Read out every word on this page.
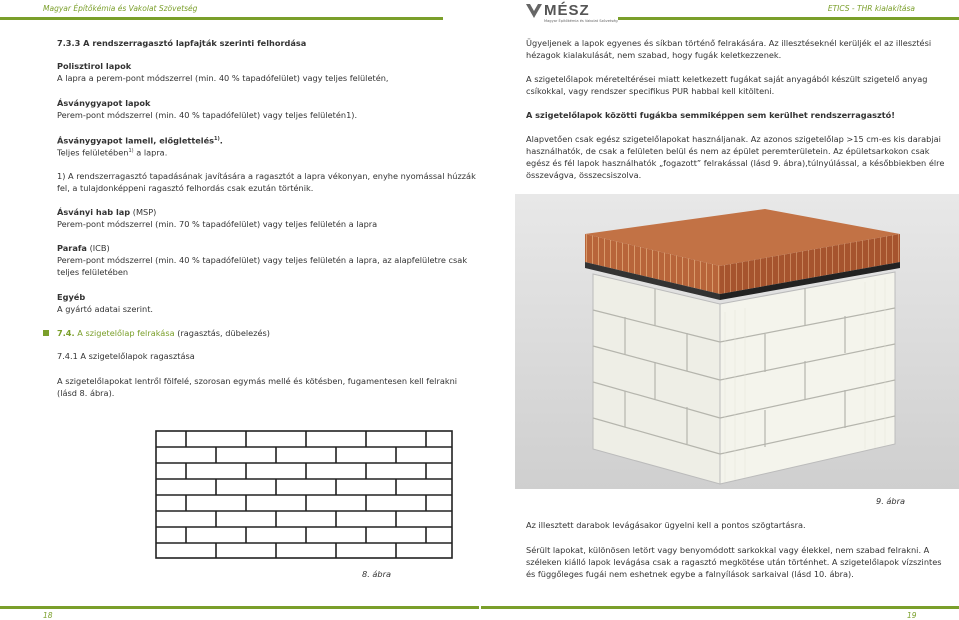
Magyar Építőkémia és Vakolat Szövetség	ETICS - THR kialakítása
MÉSZ
Magyar Építőkémia és Vakolat Szövetség
7.3.3 A rendszerragasztó lapfajták szerinti felhordása
Polisztirol lapok
A lapra a perem-pont módszerrel (min. 40 % tapadófelület) vagy teljes felületén,
Ásványgyapot lapok
Perem-pont módszerrel (min. 40 % tapadófelület) vagy teljes felületén1).
Ásványgyapot lamell, előglettelés$^{1)}$.
Teljes felületében$^{1)}$ a lapra.
1) A rendszerragasztó tapadásának javítására a ragasztót a lapra vékonyan, enyhe nyomással húzzák
fel, a tulajdonképpeni ragasztó felhordás csak ezután történik.
Ásványi hab lap (MSP)
Perem-pont módszerrel (min. 70 % tapadófelület) vagy teljes felületén a lapra
Parafa (ICB)
Perem-pont módszerrel (min. 40 % tapadófelület) vagy teljes felületén a lapra, az alapfelületre csak
teljes felületében
Egyéb
A gyártó adatai szerint.
7.4. A szigetelőlap felrakása (ragasztás, dübelezés)
7.4.1 A szigetelőlapok ragasztása
A szigetelőlapokat lentről fölfelé, szorosan egymás mellé és kötésben, fugamentesen kell felrakni
(lásd 8. ábra).
8. ábra
Ügyeljenek a lapok egyenes és síkban történő felrakására. Az illesztéseknél kerüljék el az illesztési
hézagok kialakulását, nem szabad, hogy fugák keletkezzenek.
A szigetelőlapok méreteltérései miatt keletkezett fugákat saját anyagából készült szigetelő anyag
csíkokkal, vagy rendszer specifikus PUR habbal kell kitölteni.
A szigetelőlapok közötti fugákba semmiképpen sem kerülhet rendszerragasztó!
Alapvetően csak egész szigetelőlapokat használjanak. Az azonos szigetelőlap >15 cm-es kis darabjai
használhatók, de csak a felületen belül és nem az épület peremterületein. Az épületsarkokon csak
egész és fél lapok használhatók „fogazott” felrakással (lásd 9. ábra),túlnyúlással, a későbbiekben élre
összevágva, összecsiszolva.
9. ábra
Az illesztett darabok levágásakor ügyelni kell a pontos szögtartásra.
Sérült lapokat, különösen letört vagy benyomódott sarkokkal vagy élekkel, nem szabad felrakni. A
széleken kiálló lapok levágása csak a ragasztó megkötése után történhet. A szigetelőlapok vízszintes
és függőleges fugái nem eshetnek egybe a falnyílások sarkaival (lásd 10. ábra).
18	19
